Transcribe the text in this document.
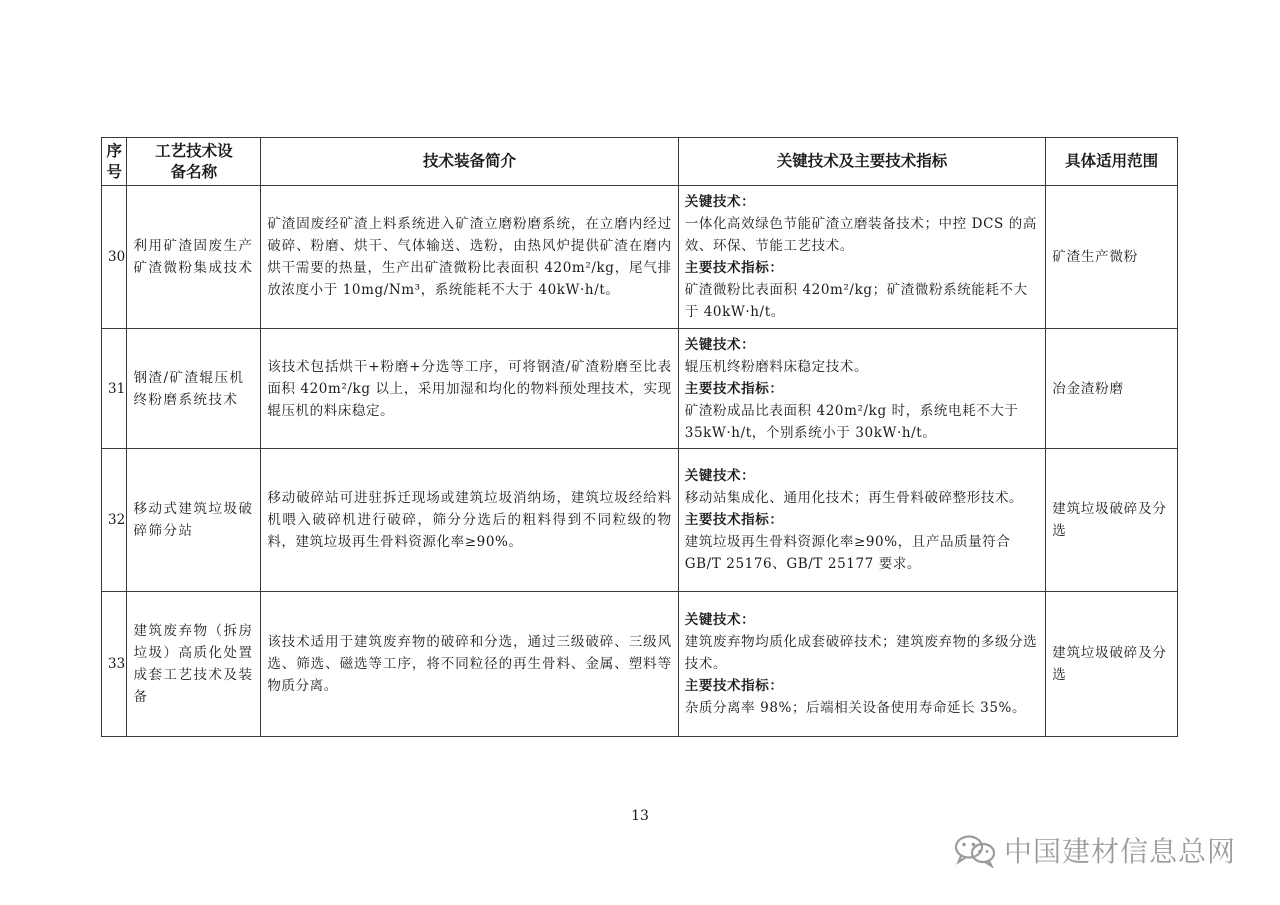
序号	工艺技术设备名称	技术装备简介	关键技术及主要技术指标	具体适用范围
30	利用矿渣固废生产矿渣微粉集成技术	矿渣固废经矿渣上料系统进入矿渣立磨粉磨系统，在立磨内经过破碎、粉磨、烘干、气体输送、选粉，由热风炉提供矿渣在磨内烘干需要的热量，生产出矿渣微粉比表面积 420m²/kg，尾气排放浓度小于 10mg/Nm³，系统能耗不大于 40kW·h/t。	关键技术：
一体化高效绿色节能矿渣立磨装备技术；中控 DCS 的高效、环保、节能工艺技术。
主要技术指标：
矿渣微粉比表面积 420m²/kg；矿渣微粉系统能耗不大于 40kW·h/t。	矿渣生产微粉
31	钢渣/矿渣辊压机终粉磨系统技术	该技术包括烘干+粉磨+分选等工序，可将钢渣/矿渣粉磨至比表面积 420m²/kg 以上，采用加湿和均化的物料预处理技术，实现辊压机的料床稳定。	关键技术：
辊压机终粉磨料床稳定技术。
主要技术指标：
矿渣粉成品比表面积 420m²/kg 时，系统电耗不大于 35kW·h/t，个别系统小于 30kW·h/t。	冶金渣粉磨
32	移动式建筑垃圾破碎筛分站	移动破碎站可进驻拆迁现场或建筑垃圾消纳场，建筑垃圾经给料机喂入破碎机进行破碎，筛分分选后的粗料得到不同粒级的物料，建筑垃圾再生骨料资源化率≥90%。	关键技术：
移动站集成化、通用化技术；再生骨料破碎整形技术。
主要技术指标：
建筑垃圾再生骨料资源化率≥90%，且产品质量符合 GB/T 25176、GB/T 25177 要求。	建筑垃圾破碎及分选
33	建筑废弃物（拆房垃圾）高质化处置成套工艺技术及装备	该技术适用于建筑废弃物的破碎和分选，通过三级破碎、三级风选、筛选、磁选等工序，将不同粒径的再生骨料、金属、塑料等物质分离。	关键技术：
建筑废弃物均质化成套破碎技术；建筑废弃物的多级分选技术。
主要技术指标：
杂质分离率 98%；后端相关设备使用寿命延长 35%。	建筑垃圾破碎及分选
13
中国建材信息总网
